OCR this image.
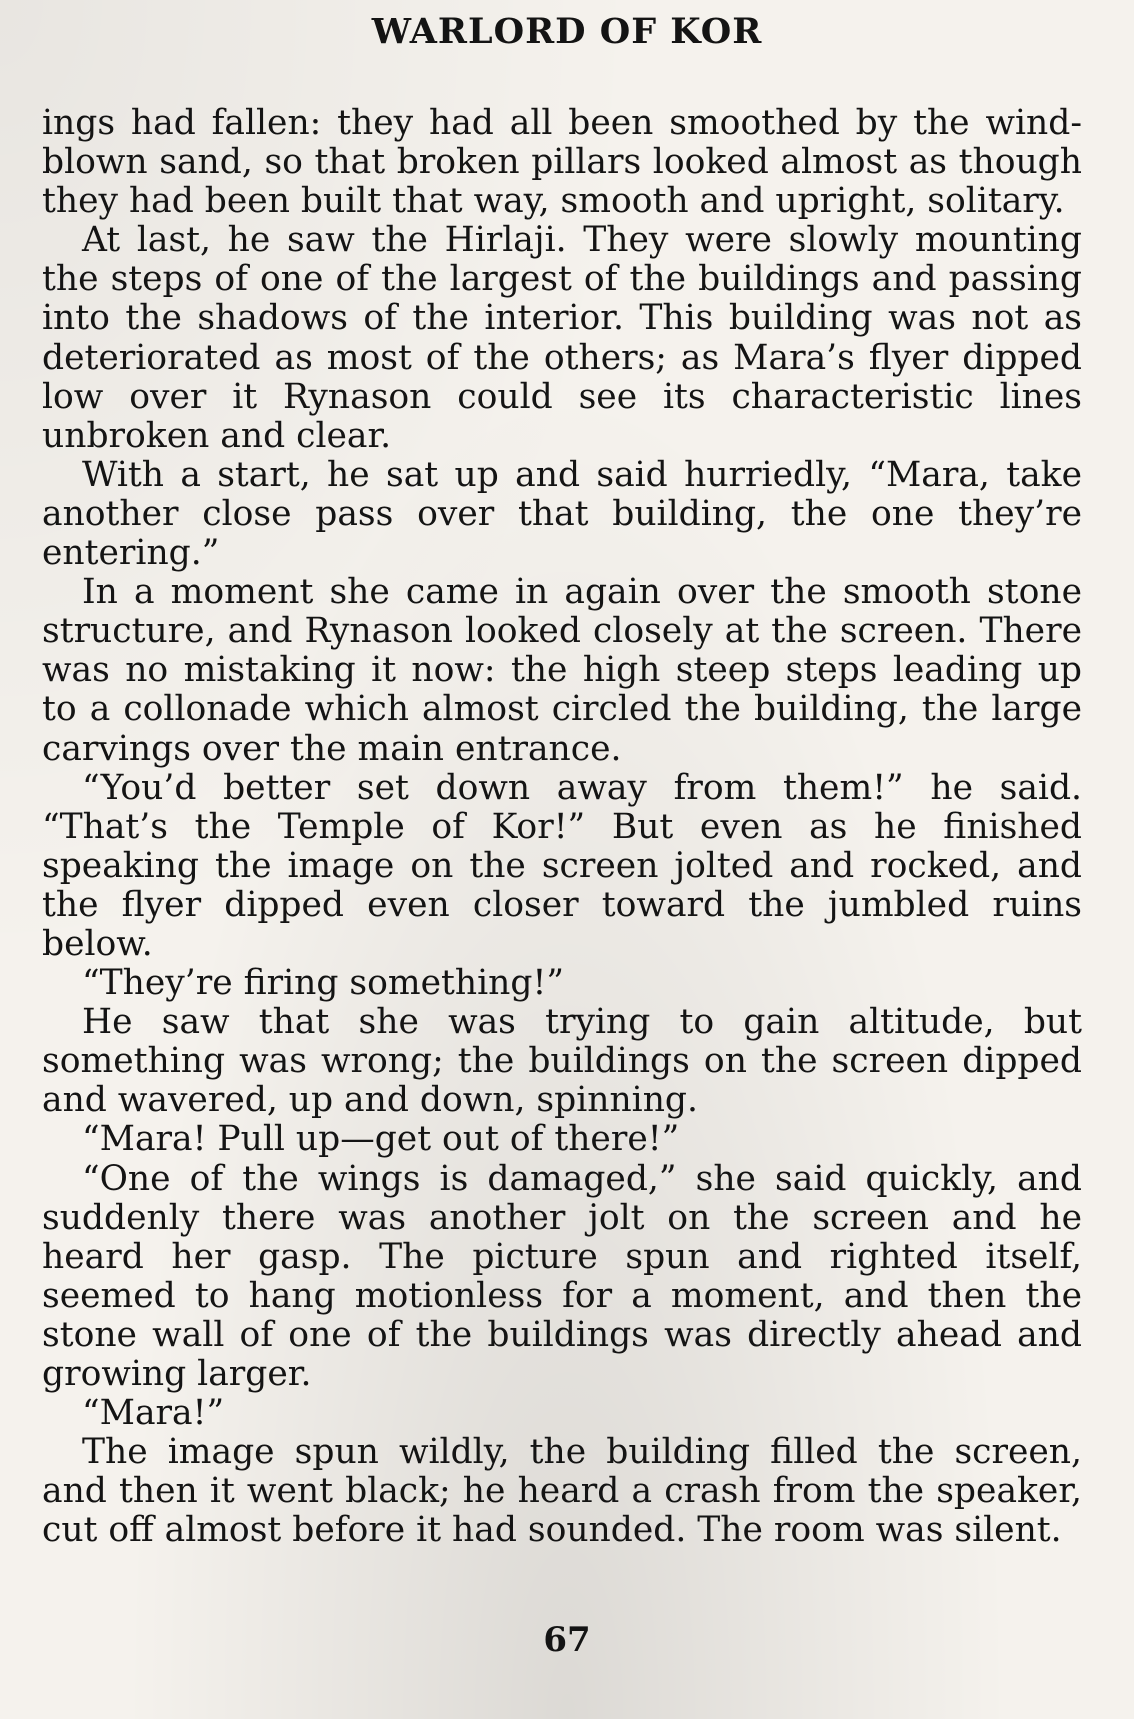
WARLORD OF KOR

ings had fallen: they had all been smoothed by the wind-blown sand, so that broken pillars looked almost as though they had been built that way, smooth and upright, solitary.

At last, he saw the Hirlaji. They were slowly mounting the steps of one of the largest of the buildings and passing into the shadows of the interior. This building was not as deteriorated as most of the others; as Mara’s flyer dipped low over it Rynason could see its characteristic lines unbroken and clear.

With a start, he sat up and said hurriedly, “Mara, take another close pass over that building, the one they’re entering.”

In a moment she came in again over the smooth stone structure, and Rynason looked closely at the screen. There was no mistaking it now: the high steep steps leading up to a collonade which almost circled the building, the large carvings over the main entrance.

“You’d better set down away from them!” he said. “That’s the Temple of Kor!” But even as he finished speaking the image on the screen jolted and rocked, and the flyer dipped even closer toward the jumbled ruins below.

“They’re firing something!”

He saw that she was trying to gain altitude, but something was wrong; the buildings on the screen dipped and wavered, up and down, spinning.

“Mara! Pull up—get out of there!”

“One of the wings is damaged,” she said quickly, and suddenly there was another jolt on the screen and he heard her gasp. The picture spun and righted itself, seemed to hang motionless for a moment, and then the stone wall of one of the buildings was directly ahead and growing larger.

“Mara!”

The image spun wildly, the building filled the screen, and then it went black; he heard a crash from the speaker, cut off almost before it had sounded. The room was silent.

67
